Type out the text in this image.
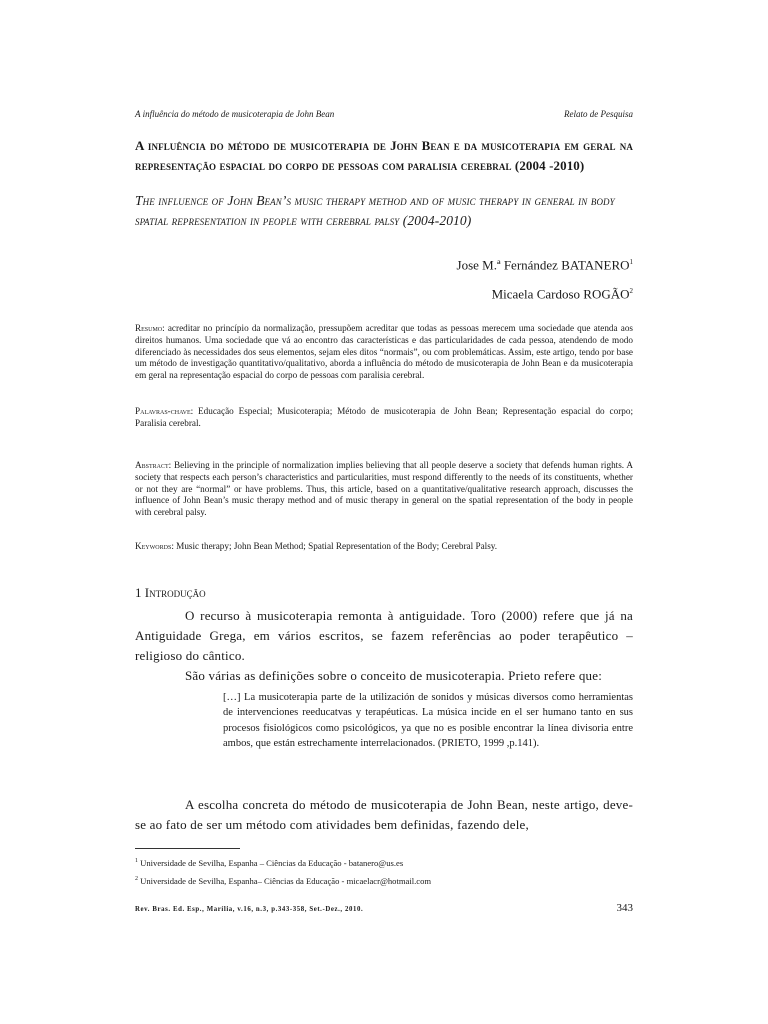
A influência do método de musicoterapia de John Bean	Relato de Pesquisa
A influência do método de musicoterapia de John Bean e da musicoterapia em geral na representação espacial do corpo de pessoas com paralisia cerebral (2004 -2010)
The influence of John Bean’s music therapy method and of music therapy in general in body spatial representation in people with cerebral palsy (2004-2010)
Jose M.ª Fernández BATANERO$^1$
Micaela Cardoso ROGÃO$^2$
Resumo: acreditar no princípio da normalização, pressupõem acreditar que todas as pessoas merecem uma sociedade que atenda aos direitos humanos. Uma sociedade que vá ao encontro das características e das particularidades de cada pessoa, atendendo de modo diferenciado às necessidades dos seus elementos, sejam eles ditos “normais”, ou com problemáticas. Assim, este artigo, tendo por base um método de investigação quantitativo/qualitativo, aborda a influência do método de musicoterapia de John Bean e da musicoterapia em geral na representação espacial do corpo de pessoas com paralisia cerebral.
Palavras-chave: Educação Especial; Musicoterapia; Método de musicoterapia de John Bean; Representação espacial do corpo; Paralisia cerebral.
Abstract: Believing in the principle of normalization implies believing that all people deserve a society that defends human rights. A society that respects each person’s characteristics and particularities, must respond differently to the needs of its constituents, whether or not they are “normal” or have problems. Thus, this article, based on a quantitative/qualitative research approach, discusses the influence of John Bean’s music therapy method and of music therapy in general on the spatial representation of the body in people with cerebral palsy.
Keywords: Music therapy; John Bean Method; Spatial Representation of the Body; Cerebral Palsy.
1 Introdução
O recurso à musicoterapia remonta à antiguidade. Toro (2000) refere que já na Antiguidade Grega, em vários escritos, se fazem referências ao poder terapêutico – religioso do cântico.
São várias as definições sobre o conceito de musicoterapia. Prieto refere que:
[…] La musicoterapia parte de la utilización de sonidos y músicas diversos como herramientas de intervenciones reeducatvas y terapéuticas. La música incide en el ser humano tanto en sus procesos fisiológicos como psicológicos, ya que no es posible encontrar la línea divisoria entre ambos, que están estrechamente interrelacionados. (PRIETO, 1999 ,p.141).
A escolha concreta do método de musicoterapia de John Bean, neste artigo, deve-se ao fato de ser um método com atividades bem definidas, fazendo dele,
$^1$ Universidade de Sevilha, Espanha – Ciências da Educação - batanero@us.es
$^2$ Universidade de Sevilha, Espanha– Ciências da Educação - micaelacr@hotmail.com
Rev. Bras. Ed. Esp., Marília, v.16, n.3, p.343-358, Set.-Dez., 2010.	343
